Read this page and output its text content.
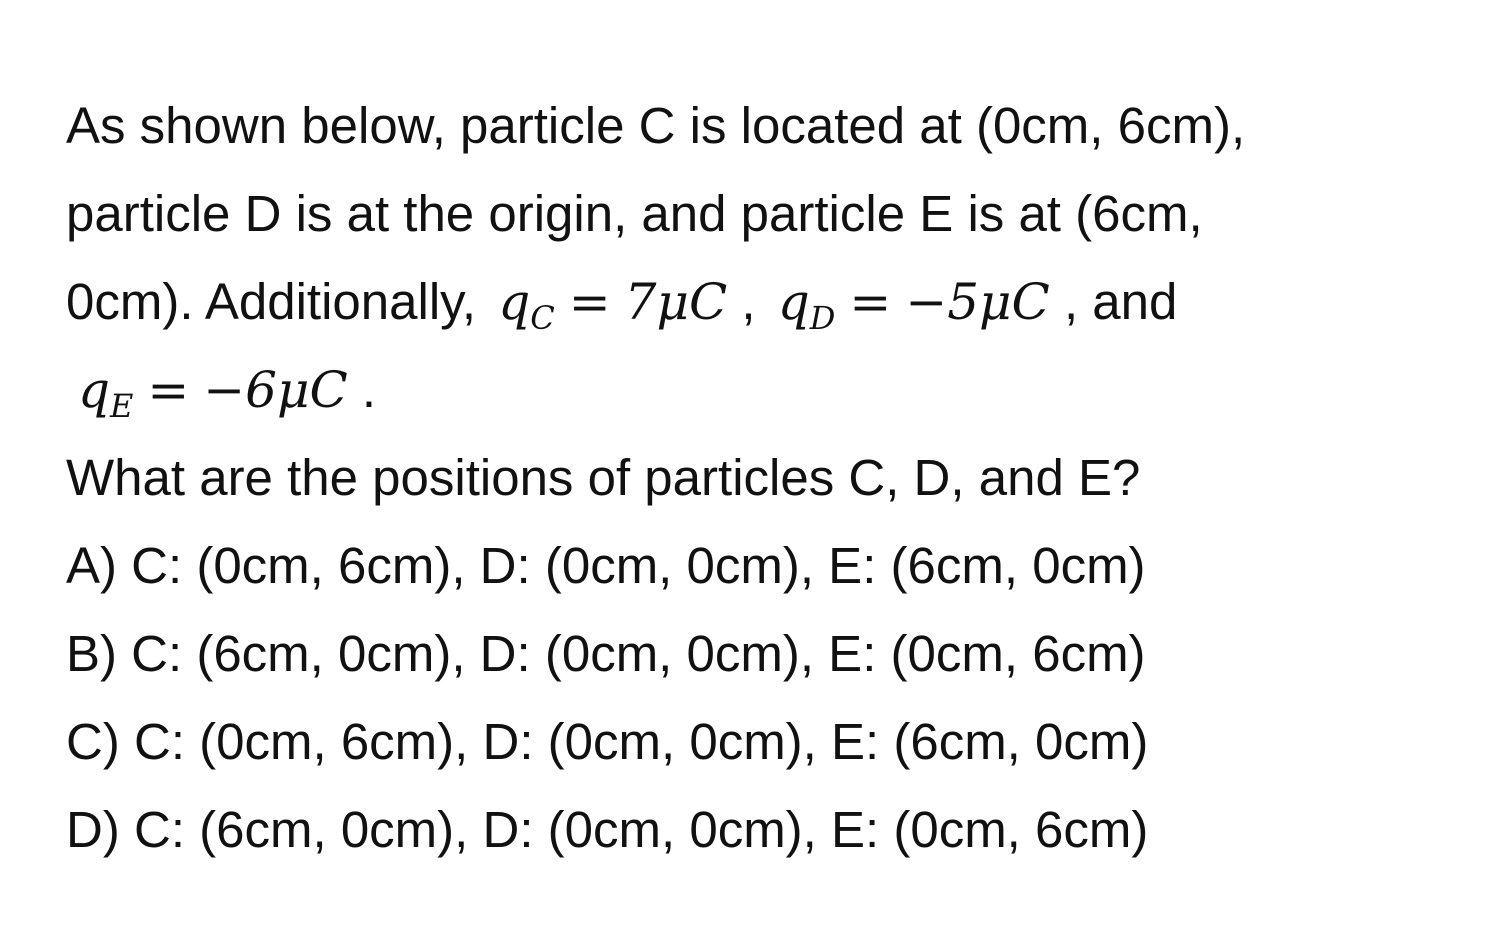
As shown below, particle C is located at (0cm, 6cm),
particle D is at the origin, and particle E is at (6cm,
0cm). Additionally, $q_C = 7\mu C$ , $q_D = -5\mu C$ , and
$q_E = -6\mu C$ .
What are the positions of particles C, D, and E?
A) C: (0cm, 6cm), D: (0cm, 0cm), E: (6cm, 0cm)
B) C: (6cm, 0cm), D: (0cm, 0cm), E: (0cm, 6cm)
C) C: (0cm, 6cm), D: (0cm, 0cm), E: (6cm, 0cm)
D) C: (6cm, 0cm), D: (0cm, 0cm), E: (0cm, 6cm)
